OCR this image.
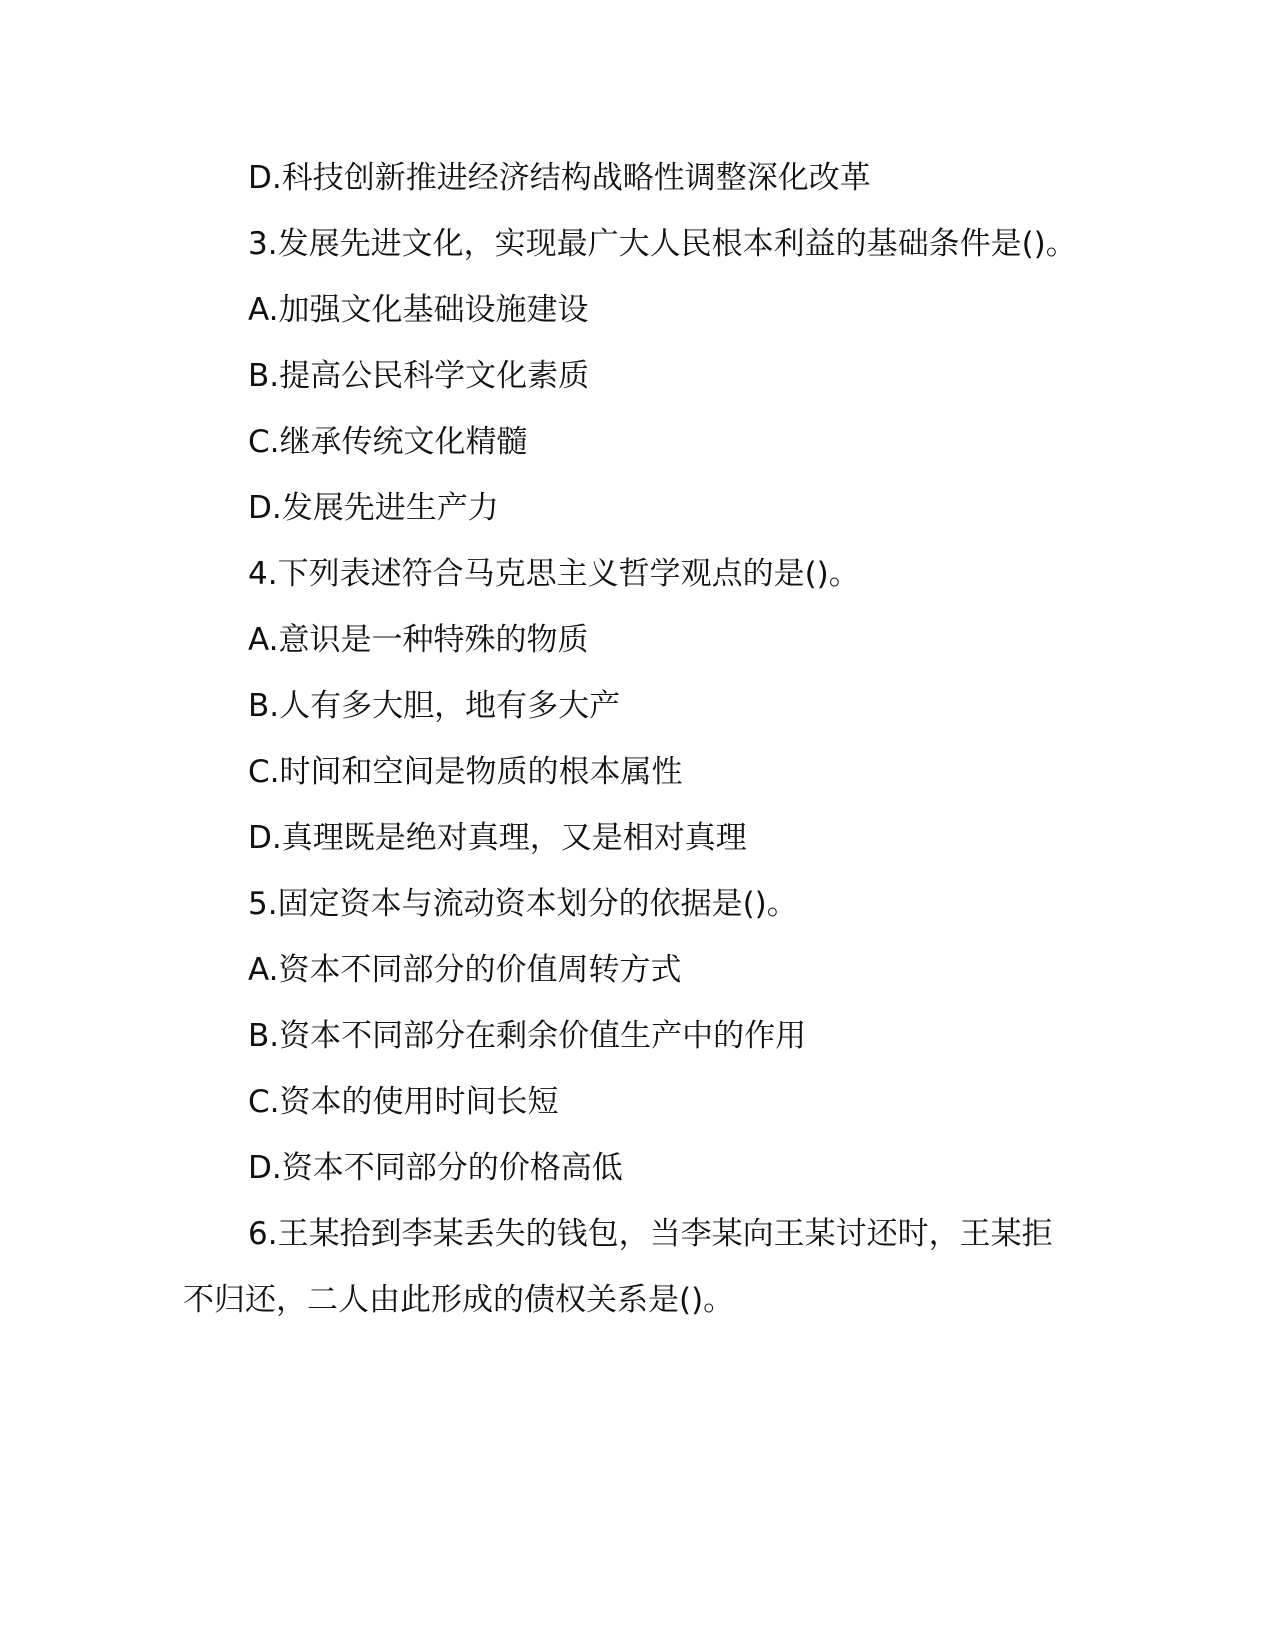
D.科技创新推进经济结构战略性调整深化改革

3.发展先进文化，实现最广大人民根本利益的基础条件是()。

A.加强文化基础设施建设

B.提高公民科学文化素质

C.继承传统文化精髓

D.发展先进生产力

4.下列表述符合马克思主义哲学观点的是()。

A.意识是一种特殊的物质

B.人有多大胆，地有多大产

C.时间和空间是物质的根本属性

D.真理既是绝对真理，又是相对真理

5.固定资本与流动资本划分的依据是()。

A.资本不同部分的价值周转方式

B.资本不同部分在剩余价值生产中的作用

C.资本的使用时间长短

D.资本不同部分的价格高低

6.王某拾到李某丢失的钱包，当李某向王某讨还时，王某拒不归还，二人由此形成的债权关系是()。
